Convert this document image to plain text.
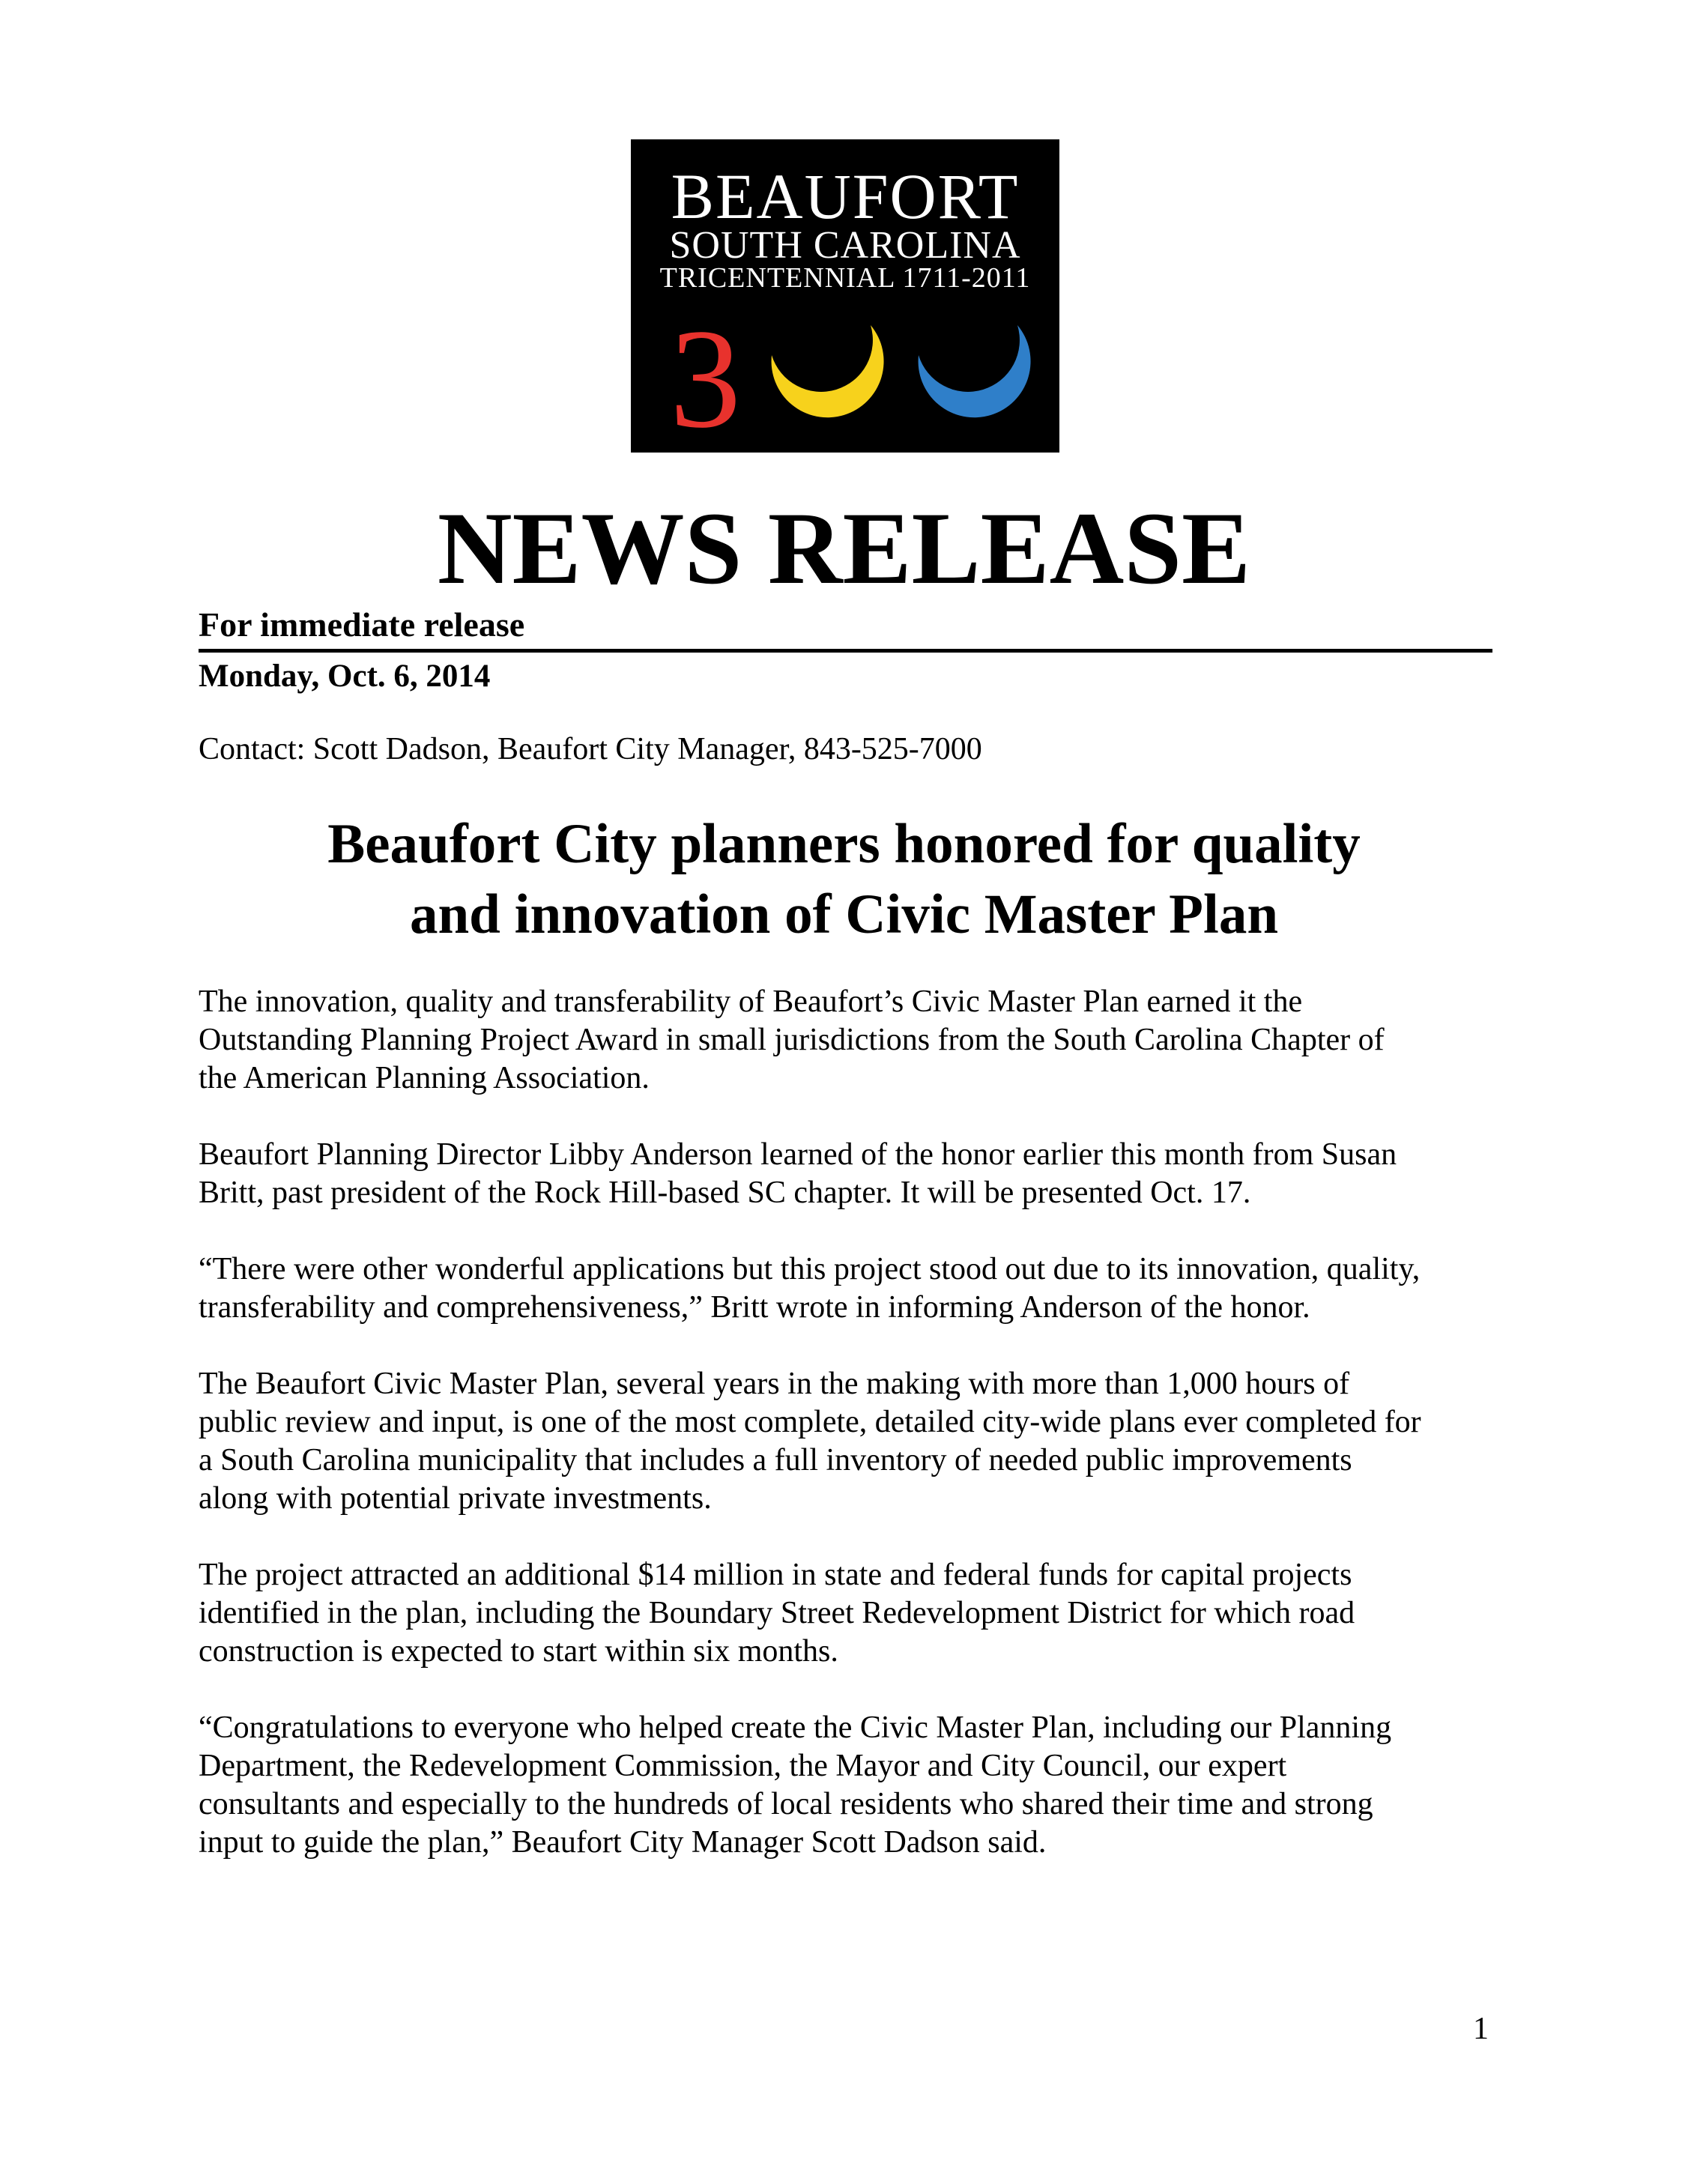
BEAUFORT
SOUTH CAROLINA
TRICENTENNIAL 1711-2011
3
NEWS RELEASE
For immediate release
Monday, Oct. 6, 2014
Contact: Scott Dadson, Beaufort City Manager, 843-525-7000
Beaufort City planners honored for quality
and innovation of Civic Master Plan

The innovation, quality and transferability of Beaufort’s Civic Master Plan earned it the
Outstanding Planning Project Award in small jurisdictions from the South Carolina Chapter of
the American Planning Association.

Beaufort Planning Director Libby Anderson learned of the honor earlier this month from Susan
Britt, past president of the Rock Hill-based SC chapter. It will be presented Oct. 17.

“There were other wonderful applications but this project stood out due to its innovation, quality,
transferability and comprehensiveness,” Britt wrote in informing Anderson of the honor.

The Beaufort Civic Master Plan, several years in the making with more than 1,000 hours of
public review and input, is one of the most complete, detailed city-wide plans ever completed for
a South Carolina municipality that includes a full inventory of needed public improvements
along with potential private investments.

The project attracted an additional $14 million in state and federal funds for capital projects
identified in the plan, including the Boundary Street Redevelopment District for which road
construction is expected to start within six months.

“Congratulations to everyone who helped create the Civic Master Plan, including our Planning
Department, the Redevelopment Commission, the Mayor and City Council, our expert
consultants and especially to the hundreds of local residents who shared their time and strong
input to guide the plan,” Beaufort City Manager Scott Dadson said.

1
